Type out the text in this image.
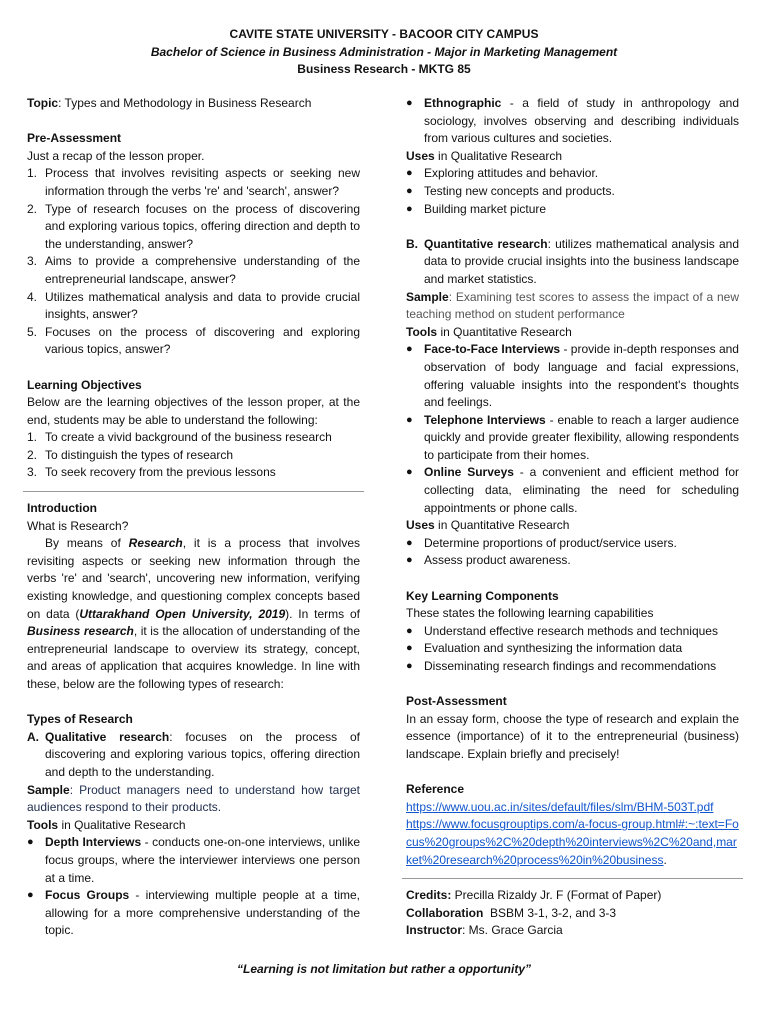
CAVITE STATE UNIVERSITY - BACOOR CITY CAMPUS
Bachelor of Science in Business Administration - Major in Marketing Management
Business Research - MKTG 85

Topic: Types and Methodology in Business Research

Pre-Assessment

Just a recap of the lesson proper.

1. Process that involves revisiting aspects or seeking new information through the verbs 're' and 'search', answer?
2. Type of research focuses on the process of discovering and exploring various topics, offering direction and depth to the understanding, answer?
3. Aims to provide a comprehensive understanding of the entrepreneurial landscape, answer?
4. Utilizes mathematical analysis and data to provide crucial insights, answer?
5. Focuses on the process of discovering and exploring various topics, answer?

Learning Objectives

Below are the learning objectives of the lesson proper, at the end, students may be able to understand the following:

1. To create a vivid background of the business research
2. To distinguish the types of research
3. To seek recovery from the previous lessons

Introduction

What is Research?

By means of Research, it is a process that involves revisiting aspects or seeking new information through the verbs 're' and 'search', uncovering new information, verifying existing knowledge, and questioning complex concepts based on data (Uttarakhand Open University, 2019). In terms of Business research, it is the allocation of understanding of the entrepreneurial landscape to overview its strategy, concept, and areas of application that acquires knowledge. In line with these, below are the following types of research:

Types of Research

A. Qualitative research: focuses on the process of discovering and exploring various topics, offering direction and depth to the understanding.

Sample: Product managers need to understand how target audiences respond to their products.

Tools in Qualitative Research

● Depth Interviews - conducts one-on-one interviews, unlike focus groups, where the interviewer interviews one person at a time.
● Focus Groups - interviewing multiple people at a time, allowing for a more comprehensive understanding of the topic.
● Ethnographic - a field of study in anthropology and sociology, involves observing and describing individuals from various cultures and societies.

Uses in Qualitative Research

● Exploring attitudes and behavior.
● Testing new concepts and products.
● Building market picture
B. Quantitative research: utilizes mathematical analysis and data to provide crucial insights into the business landscape and market statistics.

Sample: Examining test scores to assess the impact of a new teaching method on student performance

Tools in Quantitative Research

● Face-to-Face Interviews - provide in-depth responses and observation of body language and facial expressions, offering valuable insights into the respondent's thoughts and feelings.
● Telephone Interviews - enable to reach a larger audience quickly and provide greater flexibility, allowing respondents to participate from their homes.
● Online Surveys - a convenient and efficient method for collecting data, eliminating the need for scheduling appointments or phone calls.

Uses in Quantitative Research

● Determine proportions of product/service users.
● Assess product awareness.

Key Learning Components

These states the following learning capabilities

● Understand effective research methods and techniques
● Evaluation and synthesizing the information data
● Disseminating research findings and recommendations

Post-Assessment

In an essay form, choose the type of research and explain the essence (importance) of it to the entrepreneurial (business) landscape. Explain briefly and precisely!

Reference

https://www.uou.ac.in/sites/default/files/slm/BHM-503T.pdf

https://www.focusgrouptips.com/a-focus-group.html#:~:text=Focus%20groups%2C%20depth%20interviews%2C%20and,market%20research%20process%20in%20business.

Credits: Precilla Rizaldy Jr. F (Format of Paper)

Collaboration  BSBM 3-1, 3-2, and 3-3

Instructor: Ms. Grace Garcia

“Learning is not limitation but rather a opportunity”
